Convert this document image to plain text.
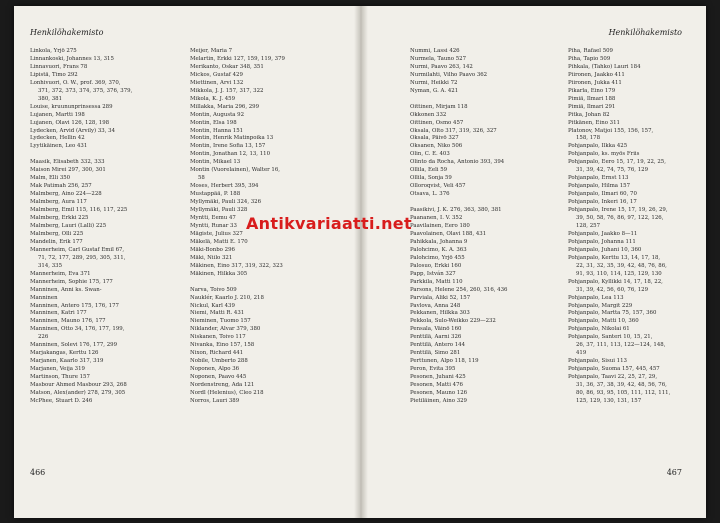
Henkilöhakemisto
Linkola, Yrjö 275
Linnankoski, Johannes 13, 315
Linnavuori, Frans 78
Lipistä, Timo 292
Lonhivuori, O. W., prof. 369, 370,
371, 372, 373, 374, 375, 376, 379,
380, 381
Louise, kruununprinsessa 289
Lujanen, Martti 198
Lujanen, Olavi 126, 128, 198
Lydecken, Arvid (Arvily) 33, 34
Lydecken, Hellin 42
Lyytikäinen, Leo 431

Maasik, Elisabeth 332, 333
Maison Mirei 297, 300, 301
Malm, Elli 350
Mak Patimah 256, 257
Malmberg, Aino 224—228
Malmberg, Aura 117
Malmberg, Emil 115, 116, 117, 225
Malmberg, Erkki 225
Malmberg, Lauri (Lalli) 225
Malmberg, Olli 225
Mandelin, Erik 177
Mannerheim, Carl Gustaf Emil 67,
71, 72, 177, 289, 295, 305, 311,
314, 335
Mannerheim, Eva 371
Mannerheim, Sophie 175, 177
Manninen, Anni ks. Swan-
Manninen
Manninen, Antero 175, 176, 177
Manninen, Katri 177
Manninen, Mauno 176, 177
Manninen, Otto 34, 176, 177, 199,
226
Manninen, Solevi 176, 177, 299
Marjakangas, Kerttu 126
Marjanen, Kaarlo 317, 319
Marjanen, Veija 319
Martinson, Thure 157
Masbour Ahmed Masbour 293, 268
Matson, Alex(ander) 278, 279, 305
McPhee, Stuart D. 246
Meijer, Maria 7
Melartin, Erkki 127, 159, 119, 379
Merikanto, Oskar 348, 351
Mickos, Gustaf 429
Miettinen, Arvi 132
Mikkola, J. J. 157, 317, 322
Mikola, K. J. 459
Millakka, Maria 296, 299
Montin, Augusta 92
Montin, Elsa 198
Montin, Hanna 151
Montin, Henrik Matinpoika 13
Montin, Irene Sofia 13, 157
Montin, Jonathan 12, 13, 110
Montin, Mikael 13
Montin (Vuorelainen), Walter 16,
58
Moses, Herbert 395, 394
Mustappää, P. 188
Myllymäki, Pauli 324, 326
Myllymäki, Pauli 328
Myntti, Eemu 47
Myntti, Runar 33
Mägiste, Julius 327
Mäkelä, Matti E. 170
Mäki-Bonbo 296
Mäki, Niilo 321
Mäkinen, Eino 317, 319, 322, 323
Mäkinen, Hilkka 305

Narva, Toivo 509
Nauklér, Kaarlo J. 210, 218
Nickul, Karl 439
Niemi, Matti R. 431
Nieminen, Tuomo 157
Niklander, Alvar 379, 380
Niskanen, Toivo 117
Nivanka, Eino 157, 158
Nixon, Richard 441
Nobile, Umberto 288
Noponen, Alpo 36
Noponen, Paavo 445
Nordenstreng, Ada 121
Nordl (Helenius), Cleo 218
Norros, Lauri 389
466
Henkilöhakemisto
Nummi, Lassi 426
Nurmela, Tauno 527
Nurmi, Paavo 263, 142
Nurmilahti, Vilho Paavo 362
Nurmi, Heikki 72
Nyman, G. A. 421

Oittinen, Mirjam 118
Okkonen 332
Oittinen, Osmo 457
Oksala, Olto 317, 319, 326, 327
Oksala, Päivö 327
Oksanen, Niko 506
Olin, C. E. 403
Olinto da Rocha, Antonio 393, 394
Ollila, Eeli 59
Ollila, Sonja 59
Olloroqvist, Veli 457
Otsava, L. 376

Paasikivi, J. K. 276, 363, 380, 381
Paananen, I. V. 352
Paavilainen, Eero 180
Paavolainen, Olavi 188, 431
Pahikkala, Johanna 9
Palohcimo, K. A. 363
Palohcimo, Yrjö 455
Palosuo, Erkki 160
Papp, István 327
Parkkila, Matti 110
Parsons, Helene 254, 260, 316, 436
Parviala, Aliki 52, 157
Pavlova, Anna 248
Pekkanen, Hilkka 303
Pekkola, Sulo-Weikko 229—232
Pensala, Väinö 160
Penttilä, Aarni 326
Penttilä, Antero 144
Penttilä, Simo 281
Perttunen, Alpo 118, 119
Peron, Evita 395
Pesonen, Juhani 425
Pesonen, Matti 476
Pesonen, Mauno 126
Pietiläinen, Aino 329
Piha, Rafael 509
Piha, Tapio 509
Pihkala, (Tahko) Lauri 184
Piironen, Jaakko 411
Piironen, Jukka 411
Pikarla, Eino 179
Pimiä, Ilmari 188
Pimiä, Ilmari 291
Pitka, Johan 82
Pitkänen, Eino 311
Platonov, Matjoi 155, 156, 157,
158, 178
Pohjanpalo, Ilkka 425
Pohjanpalo, ks. myös Friis
Pohjanpalo, Eero 15, 17, 19, 22, 25,
31, 39, 42, 74, 75, 76, 129
Pohjanpalo, Ernst 113
Pohjanpalo, Hilma 157
Pohjanpalo, Ilmari 60, 70
Pohjanpalo, Inkeri 16, 17
Pohjanpalo, Irene 15, 17, 19, 26, 29,
39, 50, 58, 76, 86, 97, 122, 126,
128, 257
Pohjanpalo, Jaakko 8—11
Pohjanpalo, Johanna 111
Pohjanpalo, Juhani 10, 360
Pohjanpalo, Kerttu 13, 14, 17, 18,
22, 31, 32, 35, 39, 42, 48, 76, 86,
91, 93, 110, 114, 125, 129, 130
Pohjanpalo, Kyllikki 14, 17, 18, 22,
31, 39, 42, 56, 60, 76, 129
Pohjanpalo, Lea 113
Pohjanpalo, Margit 229
Pohjanpalo, Martta 75, 157, 360
Pohjanpalo, Matti 10, 360
Pohjanpalo, Nikolai 61
Pohjanpalo, Santeri 10, 15, 21,
26, 37, 111, 113, 122—124, 148,
419
Pohjanpalo, Sisui 113
Pohjanpalo, Suoma 157, 445, 457
Pohjanpalo, Taavi 22, 25, 27, 29,
31, 36, 37, 38, 39, 42, 48, 56, 76,
80, 86, 93, 95, 105, 111, 112, 111,
125, 129, 130, 131, 157
467
Antikvariaatti.net
